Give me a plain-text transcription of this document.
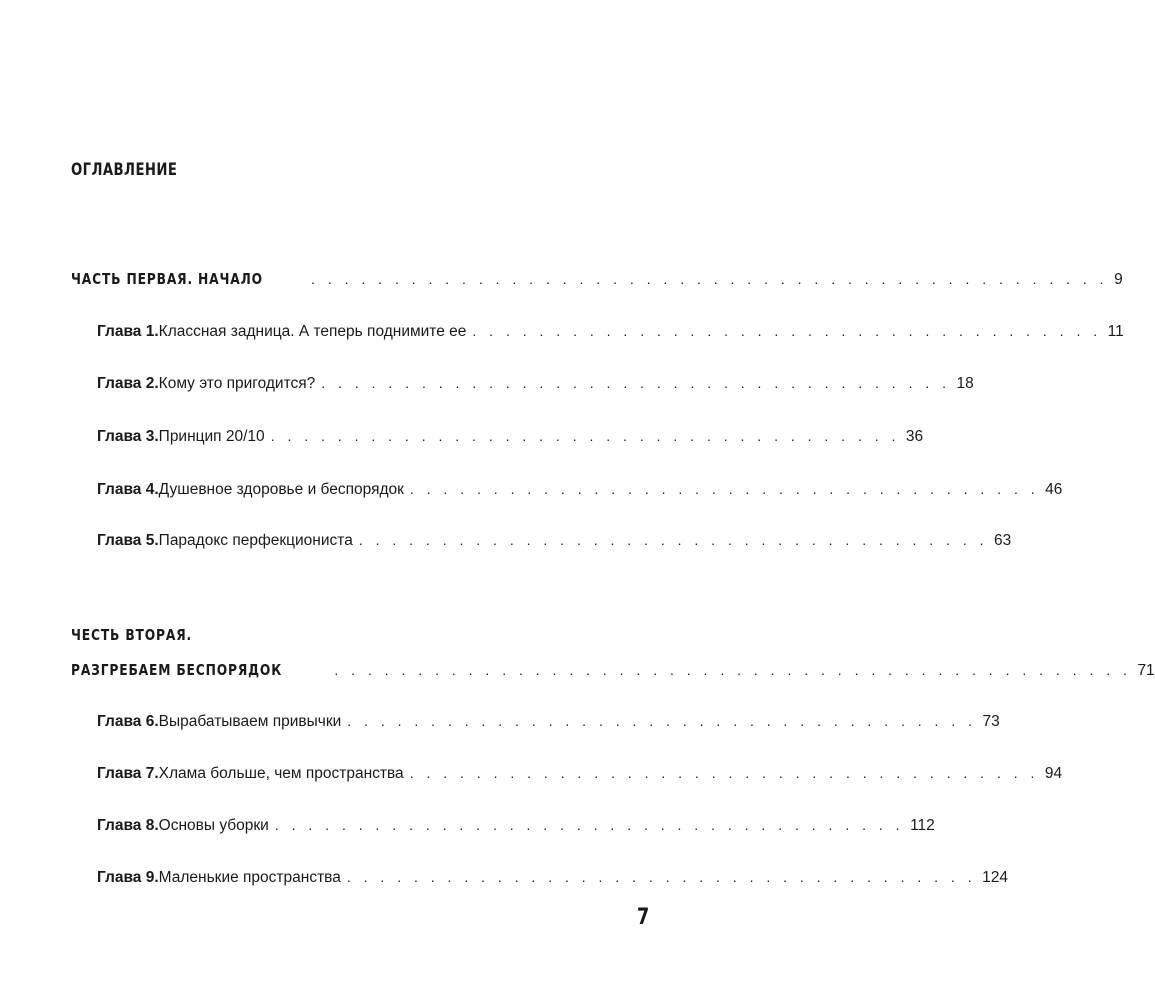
ОГЛАВЛЕНИЕ
ЧАСТЬ ПЕРВАЯ. НАЧАЛО	. . . . . . . . . . . . . . . . . . . . . . . . . . . . . . . . . . . . . . . . . . . . . . . . 9
Глава 1. Классная задница. А теперь поднимите ее . . . . . . . . . . . . . . . . . . . . . . . . . . . . . . . . . . . . . . 11
Глава 2. Кому это пригодится? . . . . . . . . . . . . . . . . . . . . . . . . . . . . . . . . . . . . . . 18
Глава 3. Принцип 20/10 . . . . . . . . . . . . . . . . . . . . . . . . . . . . . . . . . . . . . . 36
Глава 4. Душевное здоровье и беспорядок . . . . . . . . . . . . . . . . . . . . . . . . . . . . . . . . . . . . . . 46
Глава 5. Парадокс перфекциониста . . . . . . . . . . . . . . . . . . . . . . . . . . . . . . . . . . . . . . 63
ЧЕСТЬ ВТОРАЯ.
РАЗГРЕБАЕМ БЕСПОРЯДОК	. . . . . . . . . . . . . . . . . . . . . . . . . . . . . . . . . . . . . . . . . . . . . . . . 71
Глава 6. Вырабатываем привычки . . . . . . . . . . . . . . . . . . . . . . . . . . . . . . . . . . . . . . 73
Глава 7. Хлама больше, чем пространства . . . . . . . . . . . . . . . . . . . . . . . . . . . . . . . . . . . . . . 94
Глава 8. Основы уборки . . . . . . . . . . . . . . . . . . . . . . . . . . . . . . . . . . . . . . 112
Глава 9. Маленькие пространства . . . . . . . . . . . . . . . . . . . . . . . . . . . . . . . . . . . . . . 124
7
